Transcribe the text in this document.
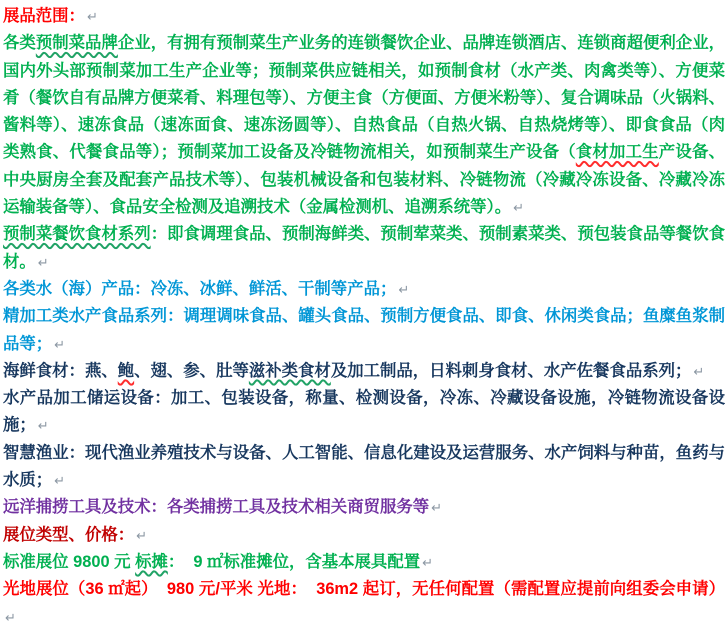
展品范围： ↵

各类预制菜品牌企业，有拥有预制菜生产业务的连锁餐饮企业、品牌连锁酒店、连锁商超便利企业，国内外头部预制菜加工生产企业等；预制菜供应链相关，如预制食材（水产类、肉禽类等）、方便菜肴（餐饮自有品牌方便菜肴、料理包等）、方便主食（方便面、方便米粉等）、复合调味品（火锅料、酱料等）、速冻食品（速冻面食、速冻汤圆等）、自热食品（自热火锅、自热烧烤等）、即食食品（肉类熟食、代餐食品等）；预制菜加工设备及冷链物流相关，如预制菜生产设备（食材加工生产设备、中央厨房全套及配套产品技术等）、包装机械设备和包装材料、冷链物流（冷藏冷冻设备、冷藏冷冻运输装备等）、食品安全检测及追溯技术（金属检测机、追溯系统等）。 ↵

预制菜餐饮食材系列：即食调理食品、预制海鲜类、预制荤菜类、预制素菜类、预包装食品等餐饮食材。 ↵

各类水（海）产品：冷冻、冰鲜、鲜活、干制等产品； ↵

精加工类水产食品系列：调理调味食品、罐头食品、预制方便食品、即食、休闲类食品；鱼糜鱼浆制品等； ↵

海鲜食材：燕、鲍、翅、参、肚等滋补类食材及加工制品，日料刺身食材、水产佐餐食品系列； ↵

水产品加工储运设备：加工、包装设备，称量、检测设备，冷冻、冷藏设备设施，冷链物流设备设施； ↵

智慧渔业：现代渔业养殖技术与设备、人工智能、信息化建设及运营服务、水产饲料与种苗，鱼药与水质； ↵

远洋捕捞工具及技术：各类捕捞工具及技术相关商贸服务等 ↵

展位类型、价格： ↵

标准展位 9800 元 标摊：  9 ㎡标准摊位，含基本展具配置 ↵

光地展位（36 ㎡起）  980 元/平米 光地：  36m2 起订，无任何配置（需配置应提前向组委会申请）↵
